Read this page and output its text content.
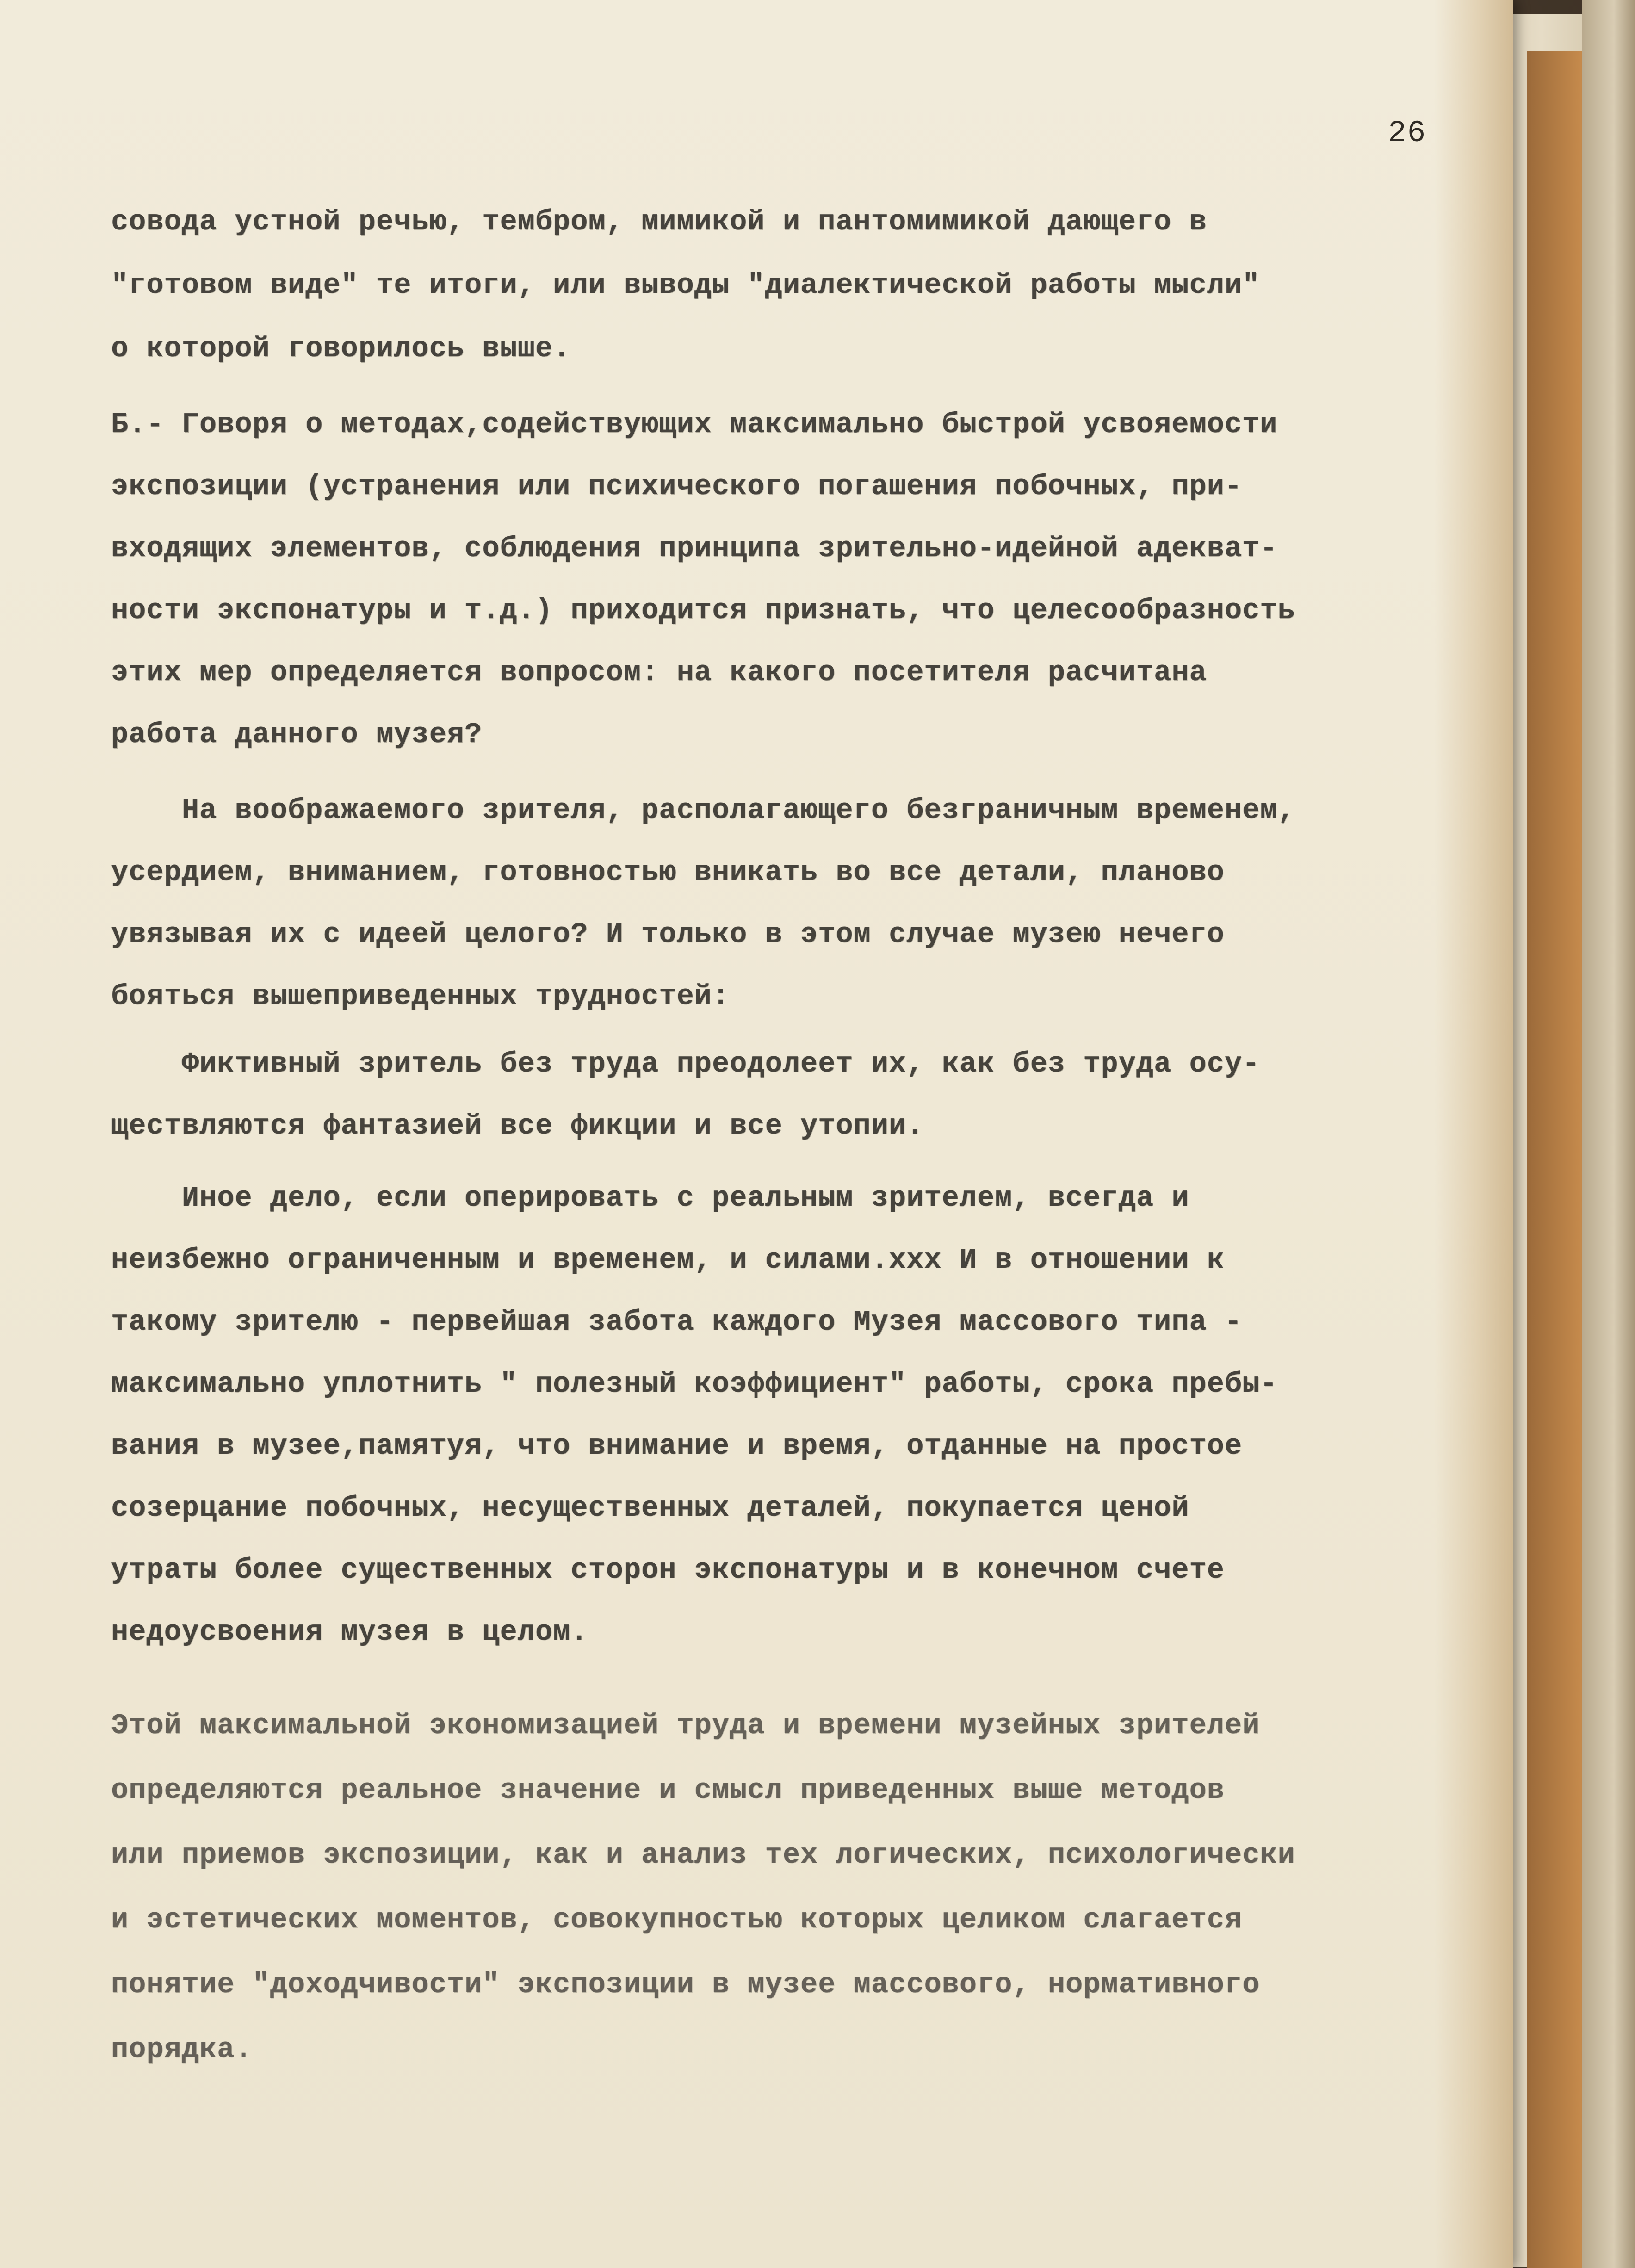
26
совода устной речью, тембром, мимикой и пантомимикой дающего в
"готовом виде" те итоги, или выводы "диалектической работы мысли"
о которой говорилось выше.
Б.- Говоря о методах,содействующих максимально быстрой усвояемости
экспозиции (устранения или психического погашения побочных, при-
входящих элементов, соблюдения принципа зрительно-идейной адекват-
ности экспонатуры и т.д.) приходится признать, что целесообразность
этих мер определяется вопросом: на какого посетителя расчитана
работа данного музея?
На воображаемого зрителя, располагающего безграничным временем,
усердием, вниманием, готовностью вникать во все детали, планово
увязывая их с идеей целого? И только в этом случае музею нечего
бояться вышеприведенных трудностей:
Фиктивный зритель без труда преодолеет их, как без труда осу-
ществляются фантазией все фикции и все утопии.
Иное дело, если оперировать с реальным зрителем, всегда и
неизбежно ограниченным и временем, и силами.xxx И в отношении к
такому зрителю - первейшая забота каждого Музея массового типа -
максимально уплотнить " полезный коэффициент" работы, срока пребы-
вания в музее,памятуя, что внимание и время, отданные на простое
созерцание побочных, несущественных деталей, покупается ценой
утраты более существенных сторон экспонатуры и в конечном счете
недоусвоения музея в целом.
Этой максимальной экономизацией труда и времени музейных зрителей
определяются реальное значение и смысл приведенных выше методов
или приемов экспозиции, как и анализ тех логических, психологически
и эстетических моментов, совокупностью которых целиком слагается
понятие "доходчивости" экспозиции в музее массового, нормативного
порядка.
